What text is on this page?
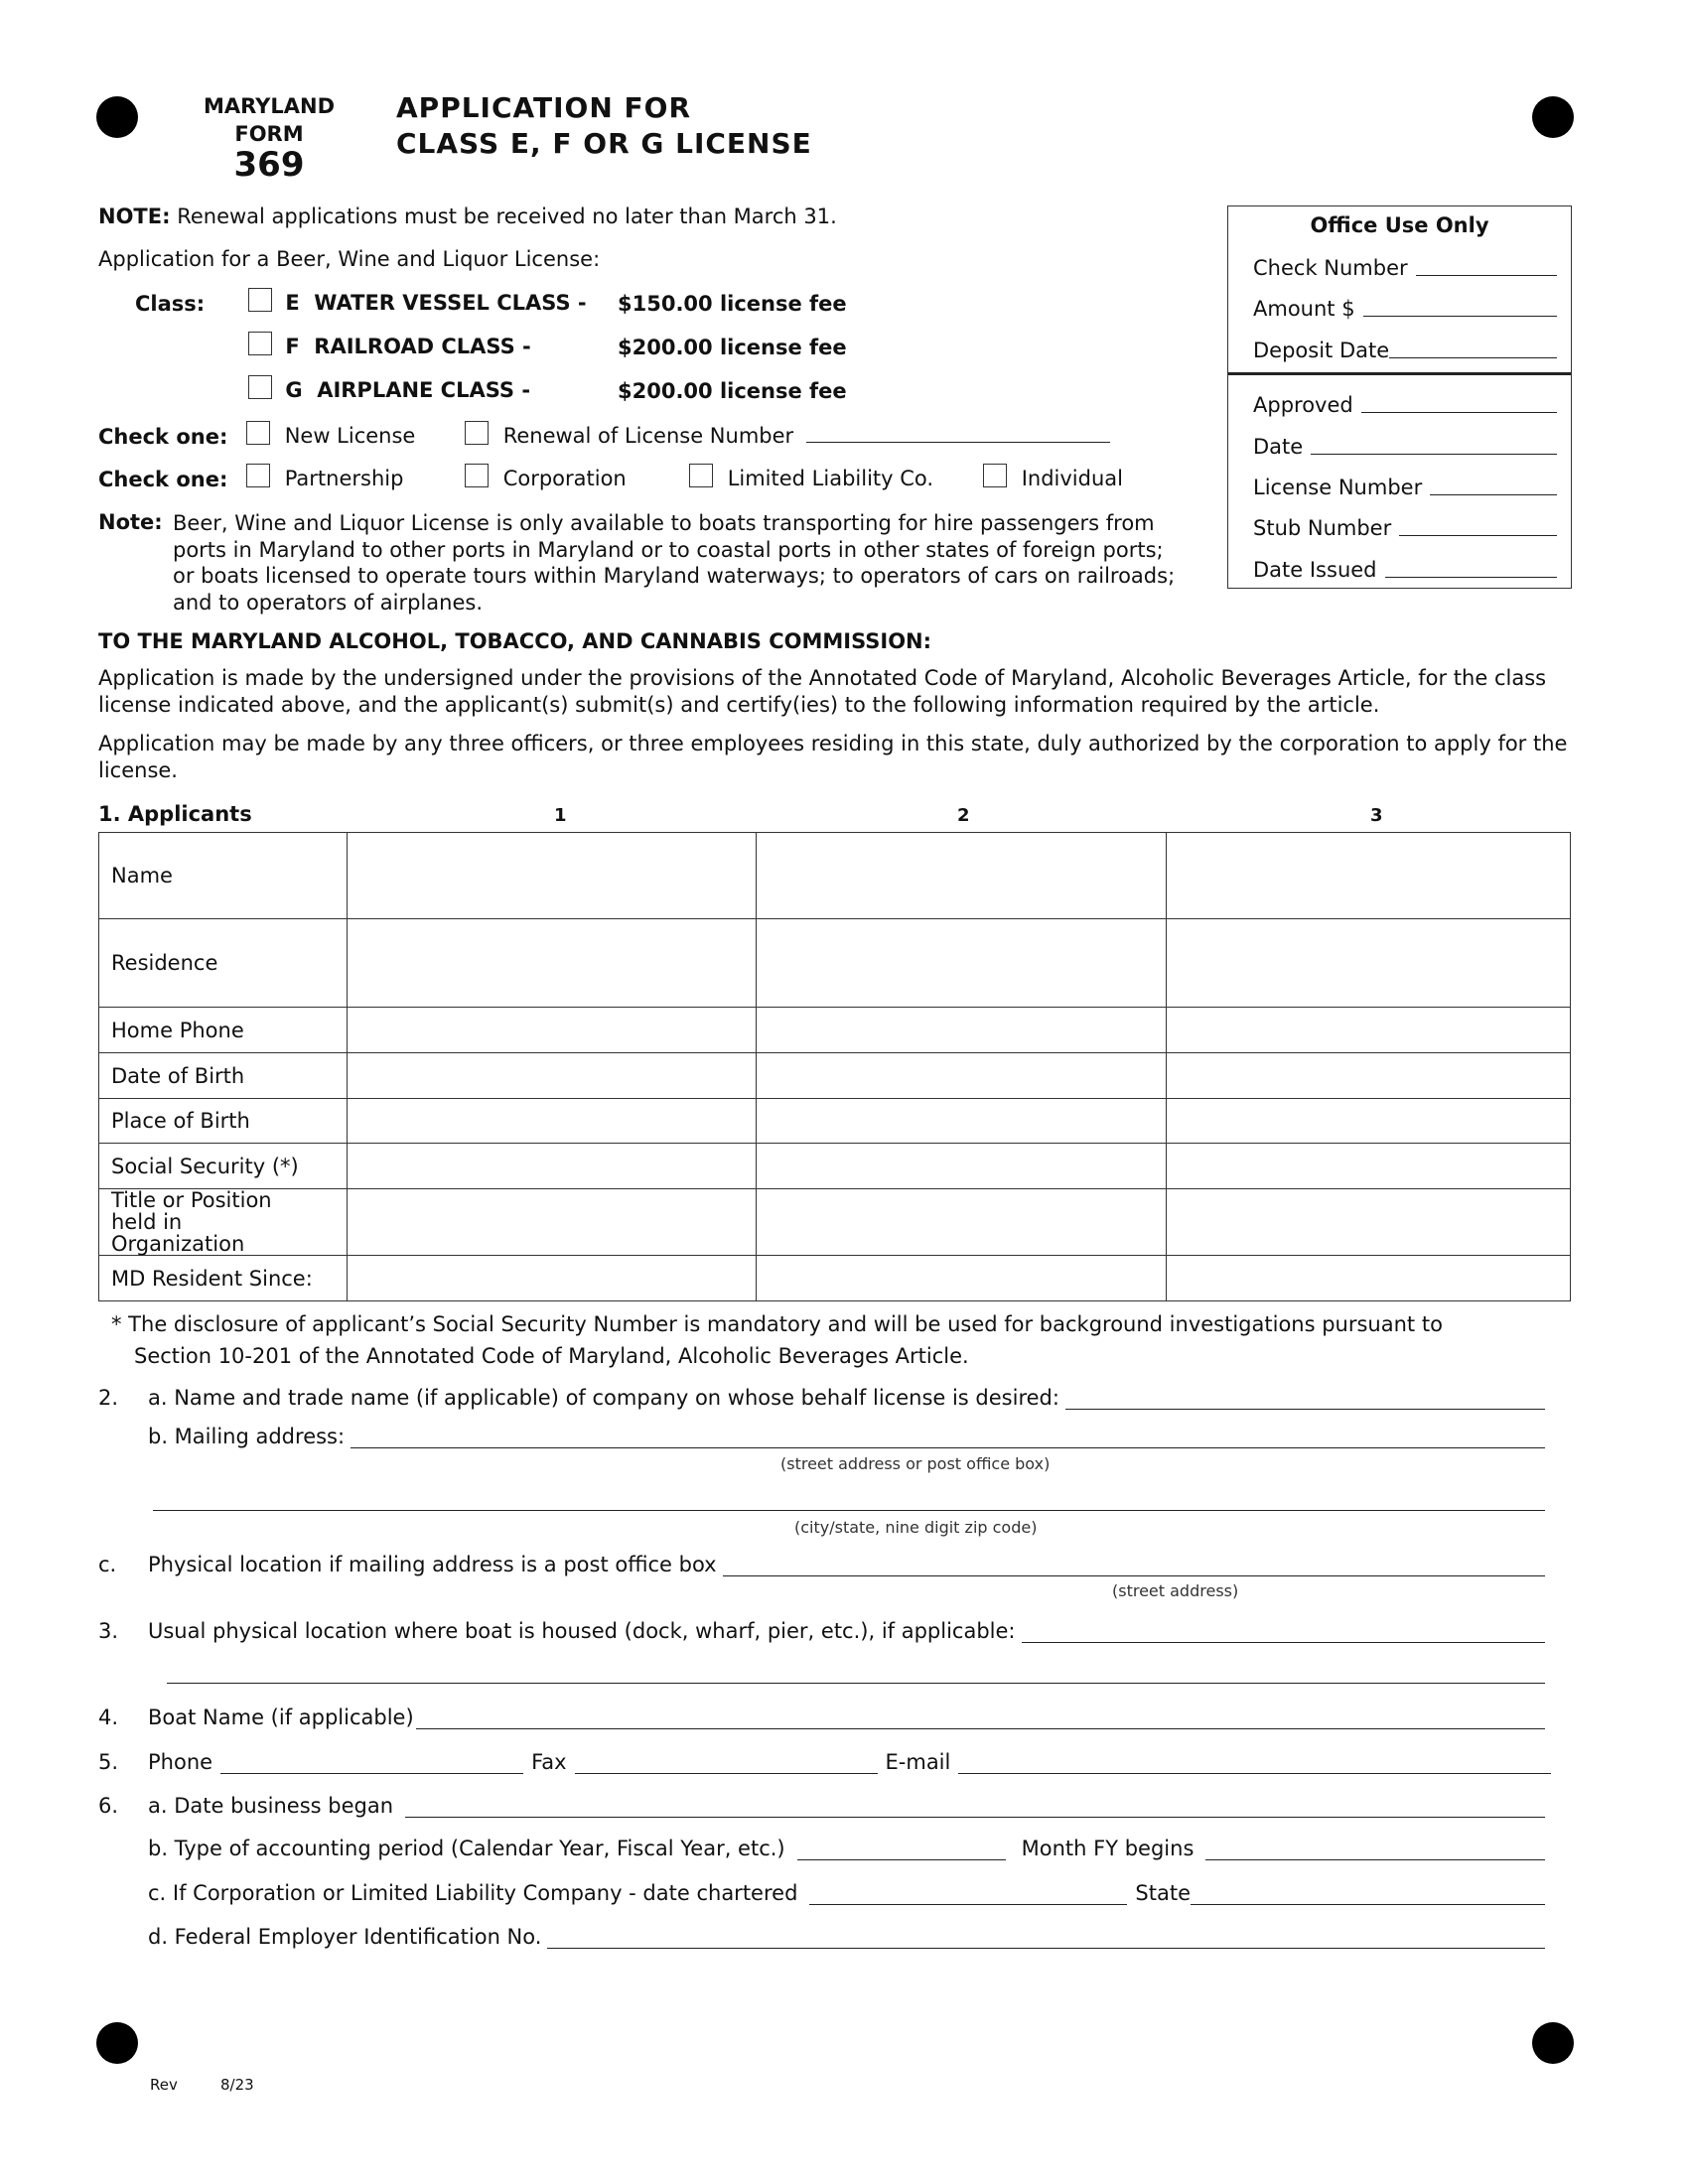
MARYLAND
FORM
369
APPLICATION FOR
CLASS E, F OR G LICENSE
NOTE: Renewal applications must be received no later than March 31.
Application for a Beer, Wine and Liquor License:
Class:	E WATER VESSEL CLASS - $150.00 license fee
F RAILROAD CLASS -	$200.00 license fee
G AIRPLANE CLASS -	$200.00 license fee
Check one:	New License	Renewal of License Number
Check one:	Partnership	Corporation	Limited Liability Co.	Individual
Note: Beer, Wine and Liquor License is only available to boats transporting for hire passengers from
ports in Maryland to other ports in Maryland or to coastal ports in other states of foreign ports;
or boats licensed to operate tours within Maryland waterways; to operators of cars on railroads;
and to operators of airplanes.
Office Use Only
Check Number
Amount $
Deposit Date
Approved
Date
License Number
Stub Number
Date Issued
TO THE MARYLAND ALCOHOL, TOBACCO, AND CANNABIS COMMISSION:

Application is made by the undersigned under the provisions of the Annotated Code of Maryland, Alcoholic Beverages Article, for the class license indicated above, and the applicant(s) submit(s) and certify(ies) to the following information required by the article.

Application may be made by any three officers, or three employees residing in this state, duly authorized by the corporation to apply for the license.

1. Applicants	1	2	3
Name			
Residence			
Home Phone			
Date of Birth			
Place of Birth			
Social Security (*)			
Title or Position held in Organization			
MD Resident Since:			
* The disclosure of applicant’s Social Security Number is mandatory and will be used for background investigations pursuant to
Section 10-201 of the Annotated Code of Maryland, Alcoholic Beverages Article.
2.	a. Name and trade name (if applicable) of company on whose behalf license is desired:
b. Mailing address:
(street address or post office box)
(city/state, nine digit zip code)
c.	Physical location if mailing address is a post office box
(street address)
3.	Usual physical location where boat is housed (dock, wharf, pier, etc.), if applicable:
4.	Boat Name (if applicable)
5.	Phone	Fax	E-mail
6.	a. Date business began
b. Type of accounting period (Calendar Year, Fiscal Year, etc.)	Month FY begins
c. If Corporation or Limited Liability Company - date chartered	State
d. Federal Employer Identification No.
Rev	8/23
